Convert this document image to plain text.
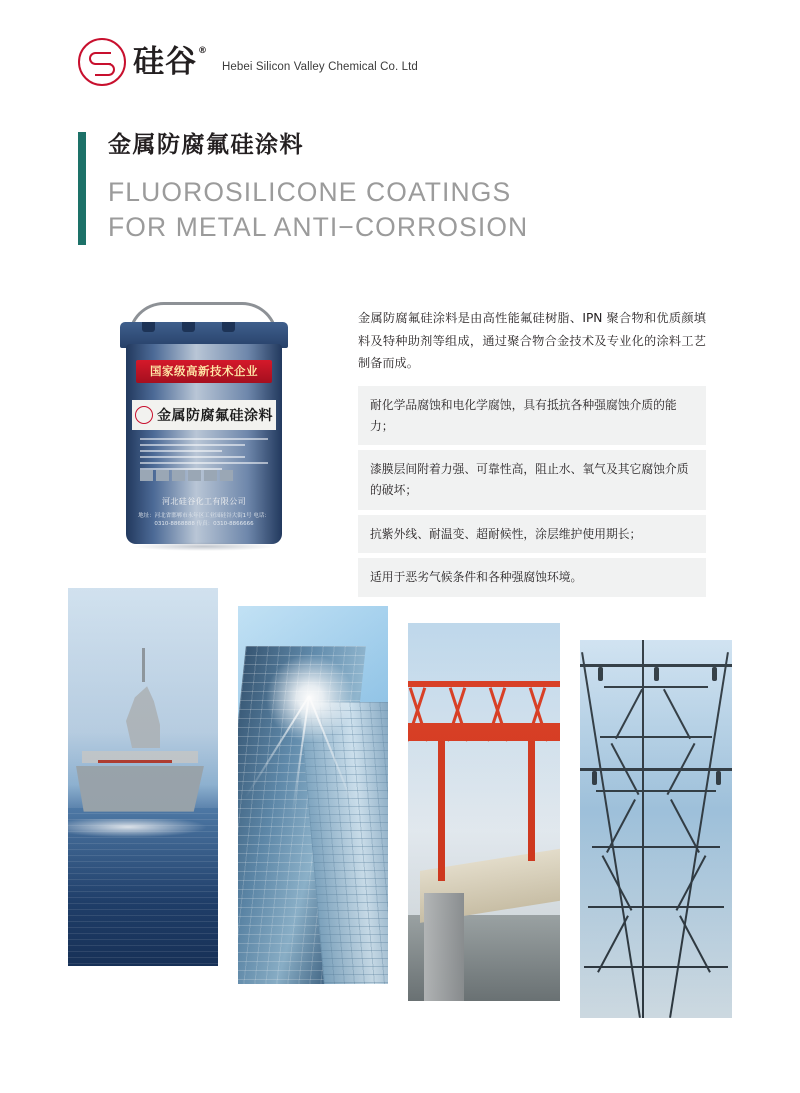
硅谷®
Hebei Silicon Valley Chemical Co. Ltd
金属防腐氟硅涂料
FLUOROSILICONE COATINGS
FOR METAL ANTI−CORROSION
国家级高新技术企业
金属防腐氟硅涂料
河北硅谷化工有限公司
地址：河北省邯郸市永年区工业园硅谷大街1号 电话：0310-8868888 传真：0310-8866666
金属防腐氟硅涂料是由高性能氟硅树脂、IPN 聚合物和优质颜填料及特种助剂等组成，通过聚合物合金技术及专业化的涂料工艺制备而成。
耐化学品腐蚀和电化学腐蚀，具有抵抗各种强腐蚀介质的能力；
漆膜层间附着力强、可靠性高，阻止水、氧气及其它腐蚀介质的破坏；
抗紫外线、耐温变、超耐候性，涂层维护使用期长；
适用于恶劣气候条件和各种强腐蚀环境。
